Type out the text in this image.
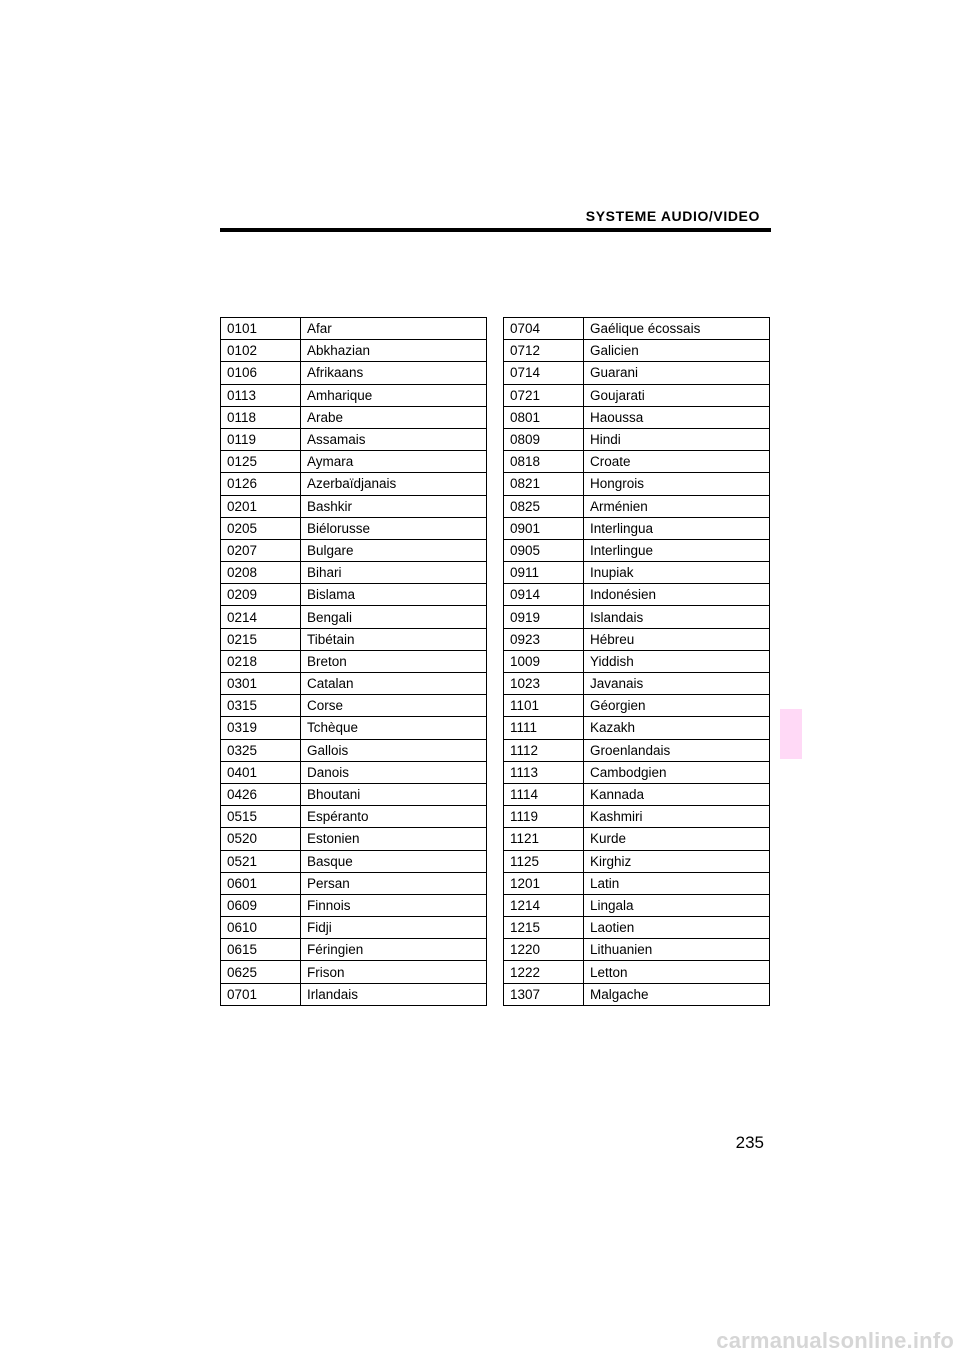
SYSTEME AUDIO/VIDEO
0101	Afar
0102	Abkhazian
0106	Afrikaans
0113	Amharique
0118	Arabe
0119	Assamais
0125	Aymara
0126	Azerbaïdjanais
0201	Bashkir
0205	Biélorusse
0207	Bulgare
0208	Bihari
0209	Bislama
0214	Bengali
0215	Tibétain
0218	Breton
0301	Catalan
0315	Corse
0319	Tchèque
0325	Gallois
0401	Danois
0426	Bhoutani
0515	Espéranto
0520	Estonien
0521	Basque
0601	Persan
0609	Finnois
0610	Fidji
0615	Féringien
0625	Frison
0701	Irlandais
0704	Gaélique écossais
0712	Galicien
0714	Guarani
0721	Goujarati
0801	Haoussa
0809	Hindi
0818	Croate
0821	Hongrois
0825	Arménien
0901	Interlingua
0905	Interlingue
0911	Inupiak
0914	Indonésien
0919	Islandais
0923	Hébreu
1009	Yiddish
1023	Javanais
1101	Géorgien
1111	Kazakh
1112	Groenlandais
1113	Cambodgien
1114	Kannada
1119	Kashmiri
1121	Kurde
1125	Kirghiz
1201	Latin
1214	Lingala
1215	Laotien
1220	Lithuanien
1222	Letton
1307	Malgache
235
carmanualsonline.info
